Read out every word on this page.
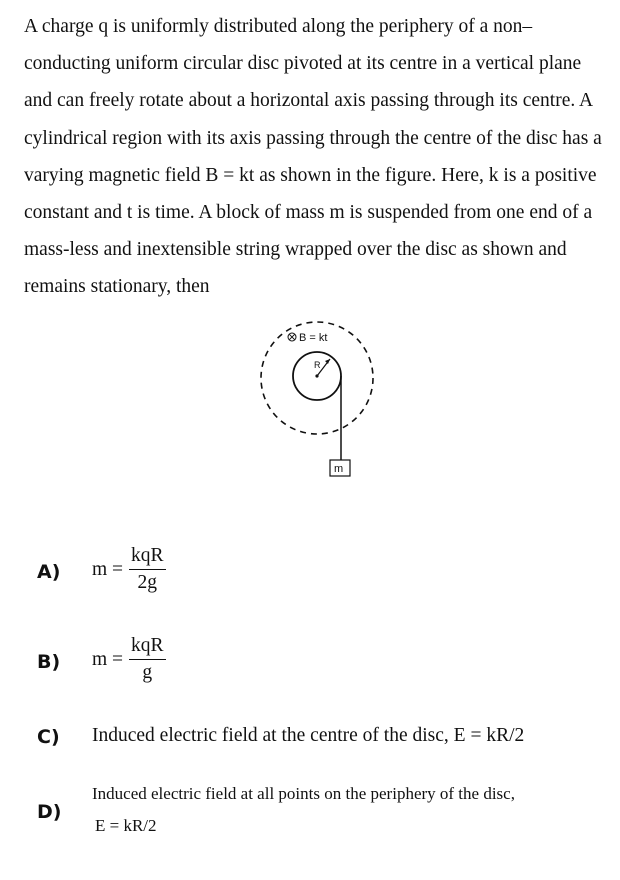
A charge q is uniformly distributed along the periphery of a non–conducting uniform circular disc pivoted at its centre in a vertical plane and can freely rotate about a horizontal axis passing through its centre. A cylindrical region with its axis passing through the centre of the disc has a varying magnetic field B = kt as shown in the figure. Here, k is a positive constant and t is time. A block of mass m is suspended from one end of a mass-less and inextensible string wrapped over the disc as shown and remains stationary, then
R
B = kt
m
A) $m = \frac{\text{kqR}}{2g}$
B) $m = \frac{\text{kqR}}{g}$
C) Induced electric field at the centre of the disc, E = kR/2
D)
Induced electric field at all points on the periphery of the disc,
E = kR/2
